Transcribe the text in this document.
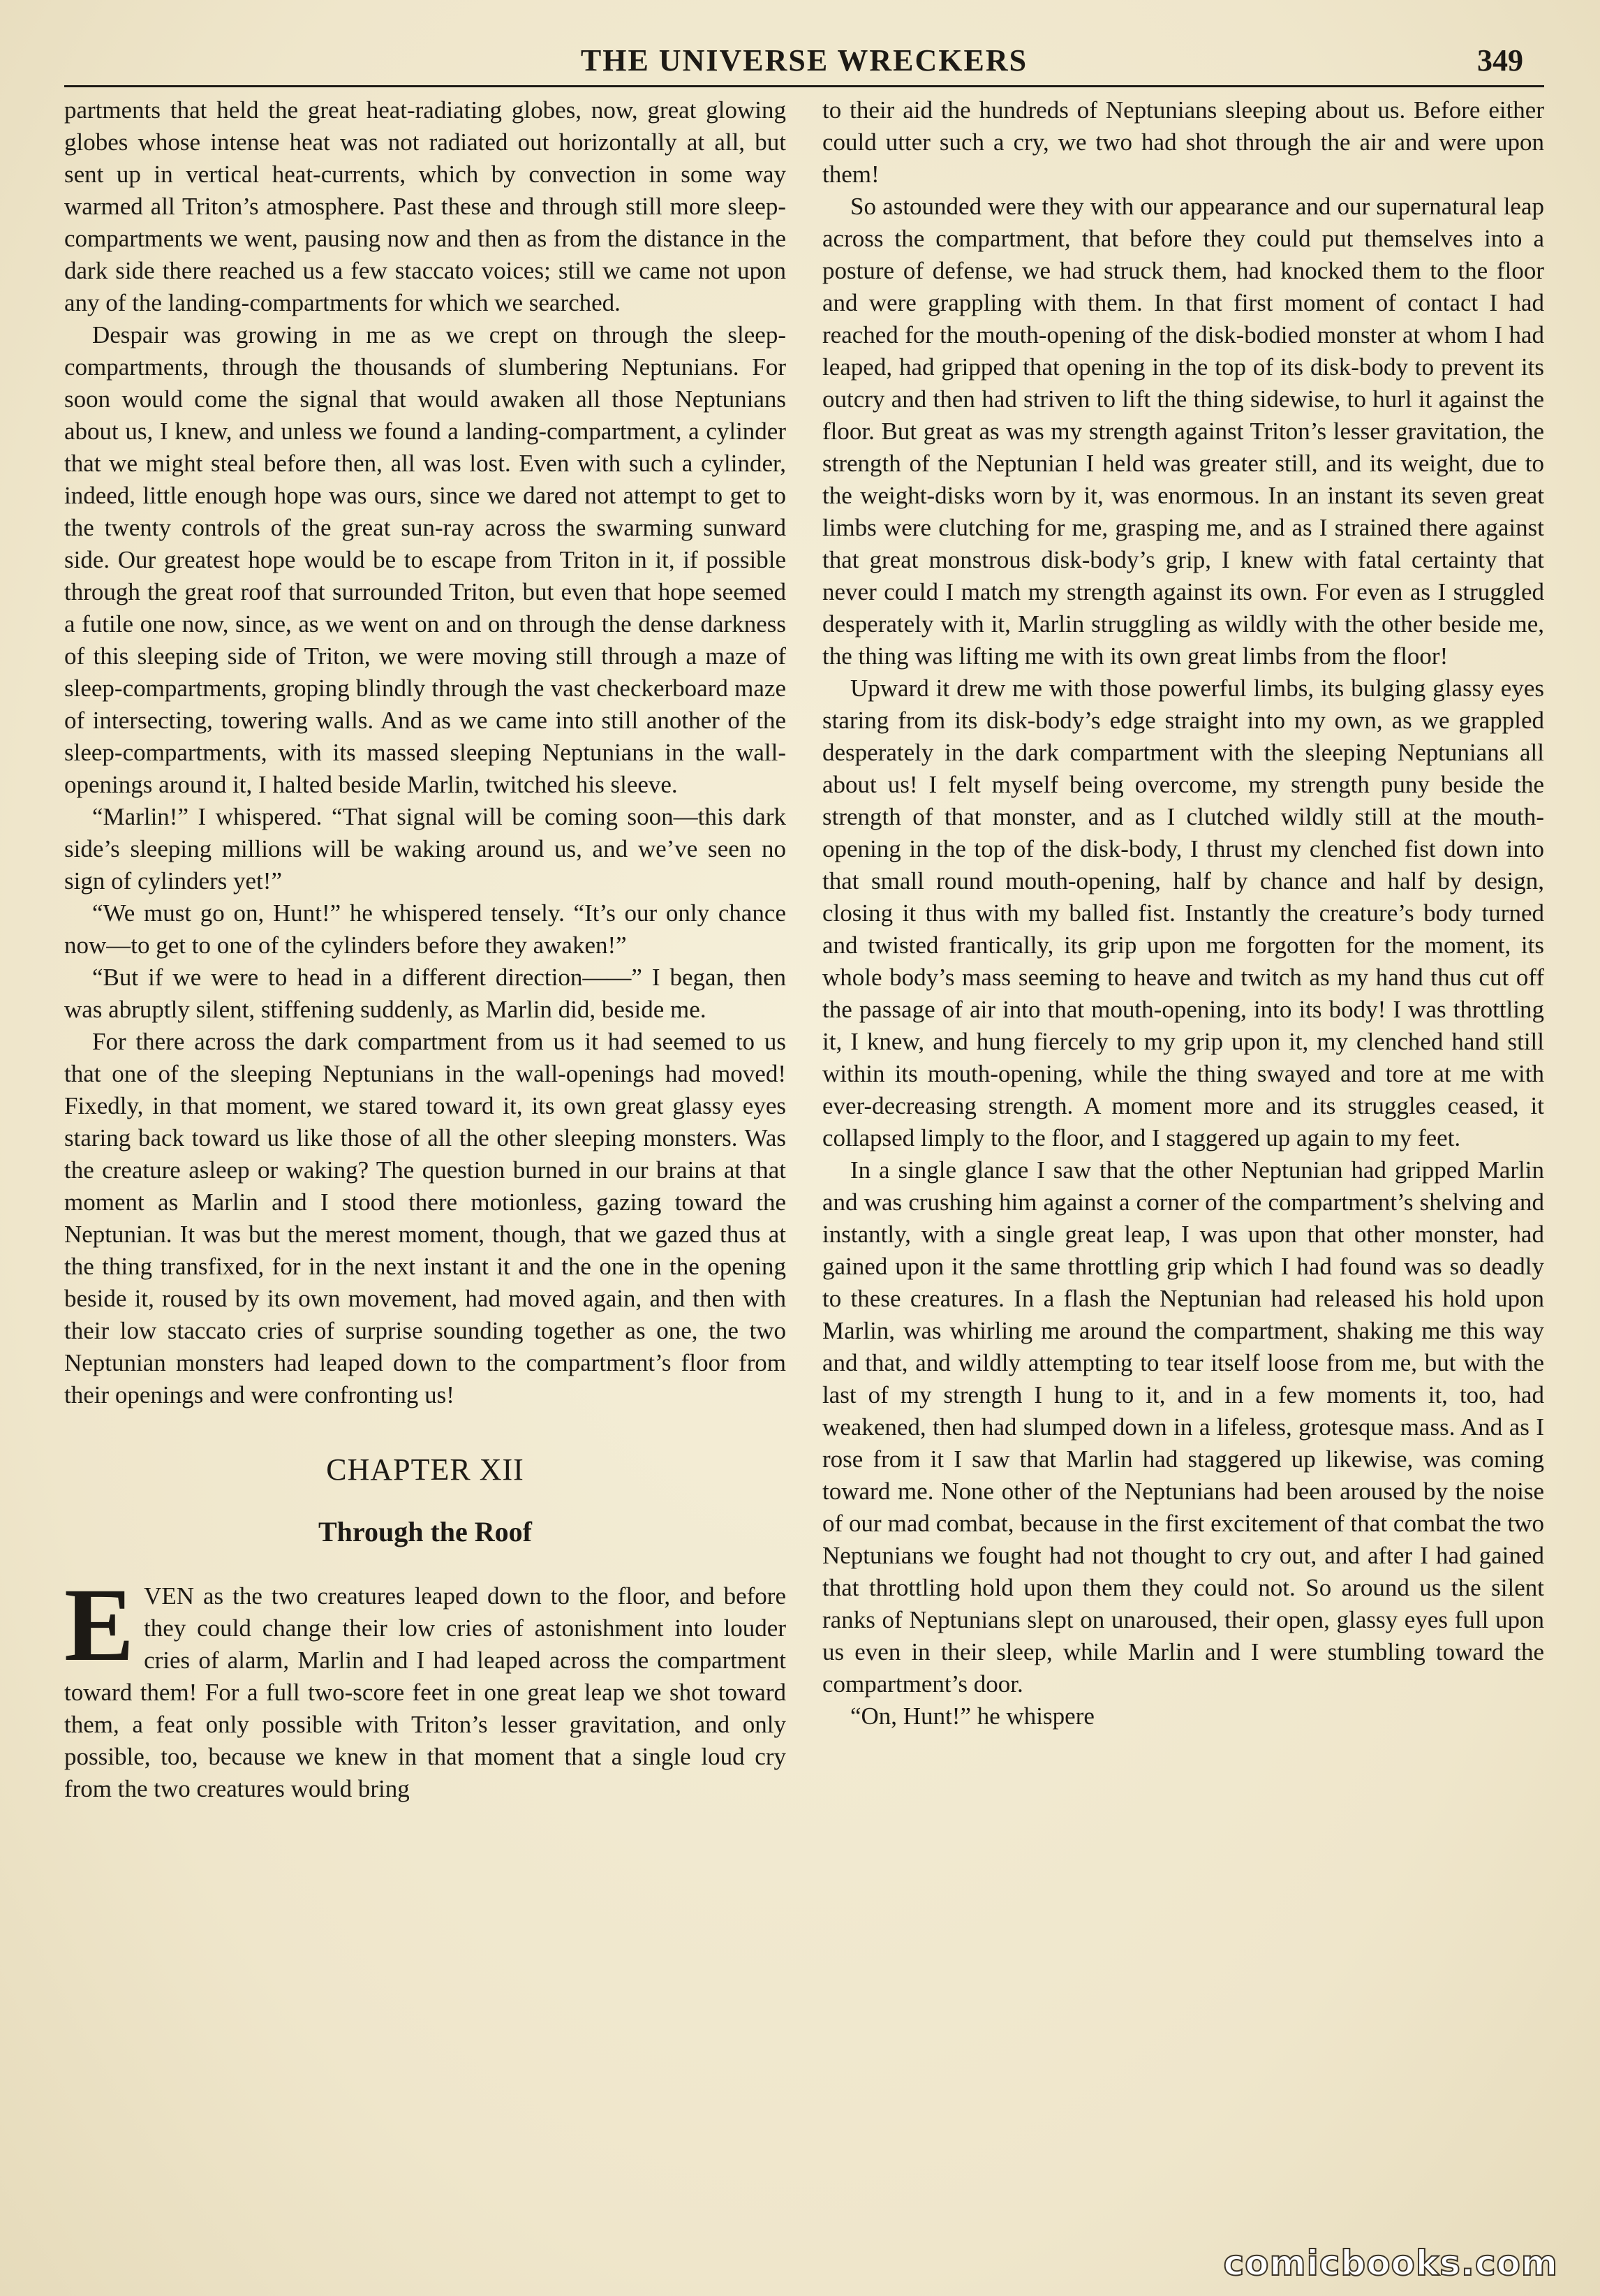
THE UNIVERSE WRECKERS	349

partments that held the great heat-radiating globes, now, great glowing globes whose intense heat was not radiated out horizontally at all, but sent up in vertical heat-currents, which by convection in some way warmed all Triton’s atmosphere. Past these and through still more sleep-compartments we went, pausing now and then as from the distance in the dark side there reached us a few staccato voices; still we came not upon any of the landing-compartments for which we searched.

Despair was growing in me as we crept on through the sleep-compartments, through the thousands of slumbering Neptunians. For soon would come the signal that would awaken all those Neptunians about us, I knew, and unless we found a landing-compartment, a cylinder that we might steal before then, all was lost. Even with such a cylinder, indeed, little enough hope was ours, since we dared not attempt to get to the twenty controls of the great sun-ray across the swarming sunward side. Our greatest hope would be to escape from Triton in it, if possible through the great roof that surrounded Triton, but even that hope seemed a futile one now, since, as we went on and on through the dense darkness of this sleeping side of Triton, we were moving still through a maze of sleep-compartments, groping blindly through the vast checkerboard maze of intersecting, towering walls. And as we came into still another of the sleep-compartments, with its massed sleeping Neptunians in the wall-openings around it, I halted beside Marlin, twitched his sleeve.

“Marlin!” I whispered. “That signal will be coming soon—this dark side’s sleeping millions will be waking around us, and we’ve seen no sign of cylinders yet!”

“We must go on, Hunt!” he whispered tensely. “It’s our only chance now—to get to one of the cylinders before they awaken!”

“But if we were to head in a different direction——” I began, then was abruptly silent, stiffening suddenly, as Marlin did, beside me.

For there across the dark compartment from us it had seemed to us that one of the sleeping Neptunians in the wall-openings had moved! Fixedly, in that moment, we stared toward it, its own great glassy eyes staring back toward us like those of all the other sleeping monsters. Was the creature asleep or waking? The question burned in our brains at that moment as Marlin and I stood there motionless, gazing toward the Neptunian. It was but the merest moment, though, that we gazed thus at the thing transfixed, for in the next instant it and the one in the opening beside it, roused by its own movement, had moved again, and then with their low staccato cries of surprise sounding together as one, the two Neptunian monsters had leaped down to the compartment’s floor from their openings and were confronting us!

CHAPTER XII
Through the Roof
E VEN as the two creatures leaped down to the floor, and before they could change their low cries of astonishment into louder cries of alarm, Marlin and I had leaped across the compartment toward them! For a full two-score feet in one great leap we shot toward them, a feat only possible with Triton’s lesser gravitation, and only possible, too, because we knew in that moment that a single loud cry from the two creatures would bring

to their aid the hundreds of Neptunians sleeping about us. Before either could utter such a cry, we two had shot through the air and were upon them!

So astounded were they with our appearance and our supernatural leap across the compartment, that before they could put themselves into a posture of defense, we had struck them, had knocked them to the floor and were grappling with them. In that first moment of contact I had reached for the mouth-opening of the disk-bodied monster at whom I had leaped, had gripped that opening in the top of its disk-body to prevent its outcry and then had striven to lift the thing sidewise, to hurl it against the floor. But great as was my strength against Triton’s lesser gravitation, the strength of the Neptunian I held was greater still, and its weight, due to the weight-disks worn by it, was enormous. In an instant its seven great limbs were clutching for me, grasping me, and as I strained there against that great monstrous disk-body’s grip, I knew with fatal certainty that never could I match my strength against its own. For even as I struggled desperately with it, Marlin struggling as wildly with the other beside me, the thing was lifting me with its own great limbs from the floor!

Upward it drew me with those powerful limbs, its bulging glassy eyes staring from its disk-body’s edge straight into my own, as we grappled desperately in the dark compartment with the sleeping Neptunians all about us! I felt myself being overcome, my strength puny beside the strength of that monster, and as I clutched wildly still at the mouth-opening in the top of the disk-body, I thrust my clenched fist down into that small round mouth-opening, half by chance and half by design, closing it thus with my balled fist. Instantly the creature’s body turned and twisted frantically, its grip upon me forgotten for the moment, its whole body’s mass seeming to heave and twitch as my hand thus cut off the passage of air into that mouth-opening, into its body! I was throttling it, I knew, and hung fiercely to my grip upon it, my clenched hand still within its mouth-opening, while the thing swayed and tore at me with ever-decreasing strength. A moment more and its struggles ceased, it collapsed limply to the floor, and I staggered up again to my feet.

In a single glance I saw that the other Neptunian had gripped Marlin and was crushing him against a corner of the compartment’s shelving and instantly, with a single great leap, I was upon that other monster, had gained upon it the same throttling grip which I had found was so deadly to these creatures. In a flash the Neptunian had released his hold upon Marlin, was whirling me around the compartment, shaking me this way and that, and wildly attempting to tear itself loose from me, but with the last of my strength I hung to it, and in a few moments it, too, had weakened, then had slumped down in a lifeless, grotesque mass. And as I rose from it I saw that Marlin had staggered up likewise, was coming toward me. None other of the Neptunians had been aroused by the noise of our mad combat, because in the first excitement of that combat the two Neptunians we fought had not thought to cry out, and after I had gained that throttling hold upon them they could not. So around us the silent ranks of Neptunians slept on unaroused, their open, glassy eyes full upon us even in their sleep, while Marlin and I were stumbling toward the compartment’s door.

“On, Hunt!” he whispere

comicbooks.com
